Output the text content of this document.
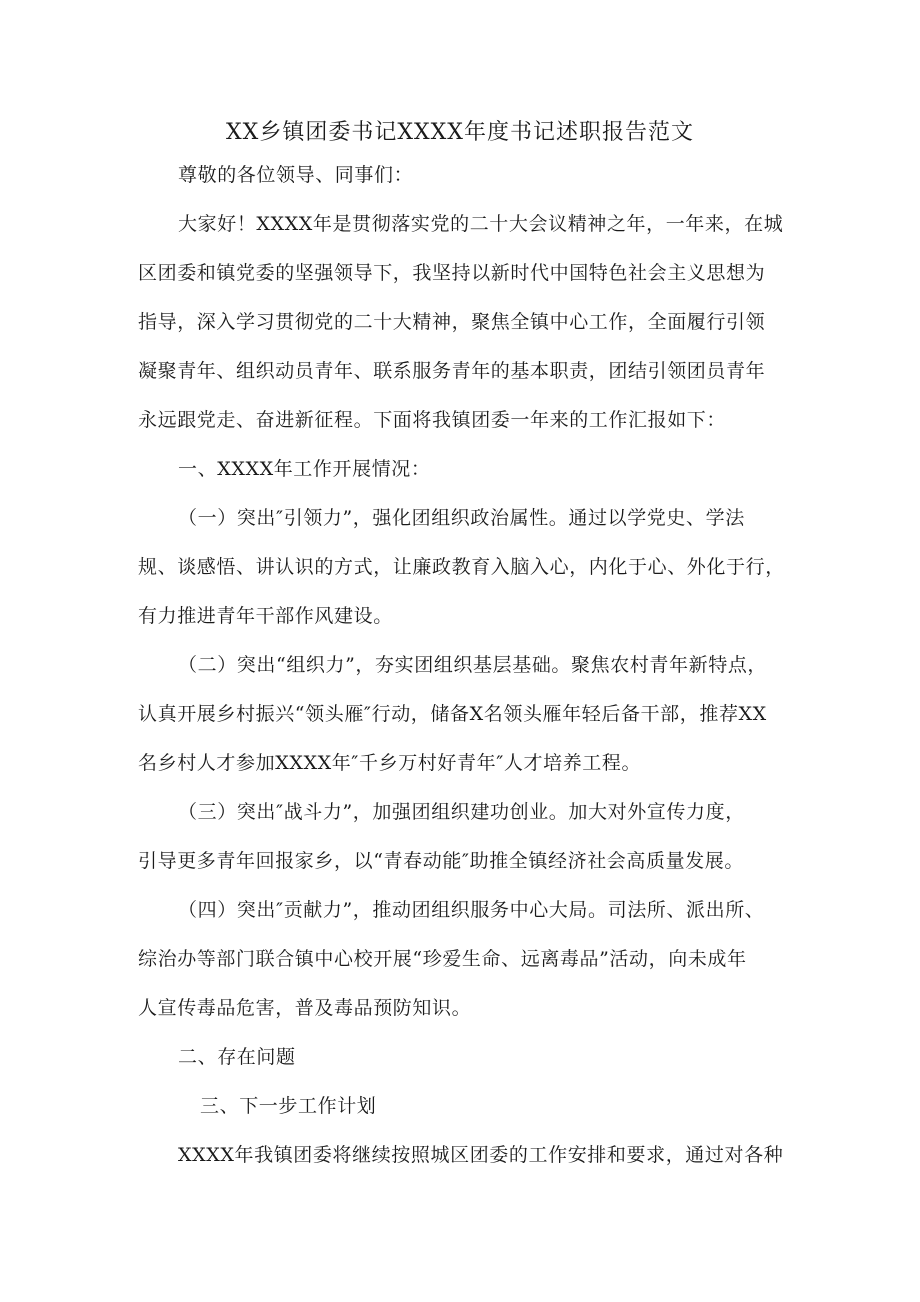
XX乡镇团委书记XXXX年度书记述职报告范文
尊敬的各位领导、同事们：
大家好！XXXX年是贯彻落实党的二十大会议精神之年，一年来，在城
区团委和镇党委的坚强领导下，我坚持以新时代中国特色社会主义思想为
指导，深入学习贯彻党的二十大精神，聚焦全镇中心工作，全面履行引领
凝聚青年、组织动员青年、联系服务青年的基本职责，团结引领团员青年
永远跟党走、奋进新征程。下面将我镇团委一年来的工作汇报如下：
一、XXXX年工作开展情况：
（一）突出″引领力”，强化团组织政治属性。通过以学党史、学法
规、谈感悟、讲认识的方式，让廉政教育入脑入心，内化于心、外化于行，
有力推进青年干部作风建设。
（二）突出“组织力”，夯实团组织基层基础。聚焦农村青年新特点，
认真开展乡村振兴“领头雁″行动，储备X名领头雁年轻后备干部，推荐XX
名乡村人才参加XXXX年″千乡万村好青年″人才培养工程。
（三）突出″战斗力”，加强团组织建功创业。加大对外宣传力度，
引导更多青年回报家乡，以“青春动能″助推全镇经济社会高质量发展。
（四）突出″贡献力”，推动团组织服务中心大局。司法所、派出所、
综治办等部门联合镇中心校开展“珍爱生命、远离毒品”活动，向未成年
人宣传毒品危害，普及毒品预防知识。
二、存在问题
三、下一步工作计划
XXXX年我镇团委将继续按照城区团委的工作安排和要求，通过对各种
